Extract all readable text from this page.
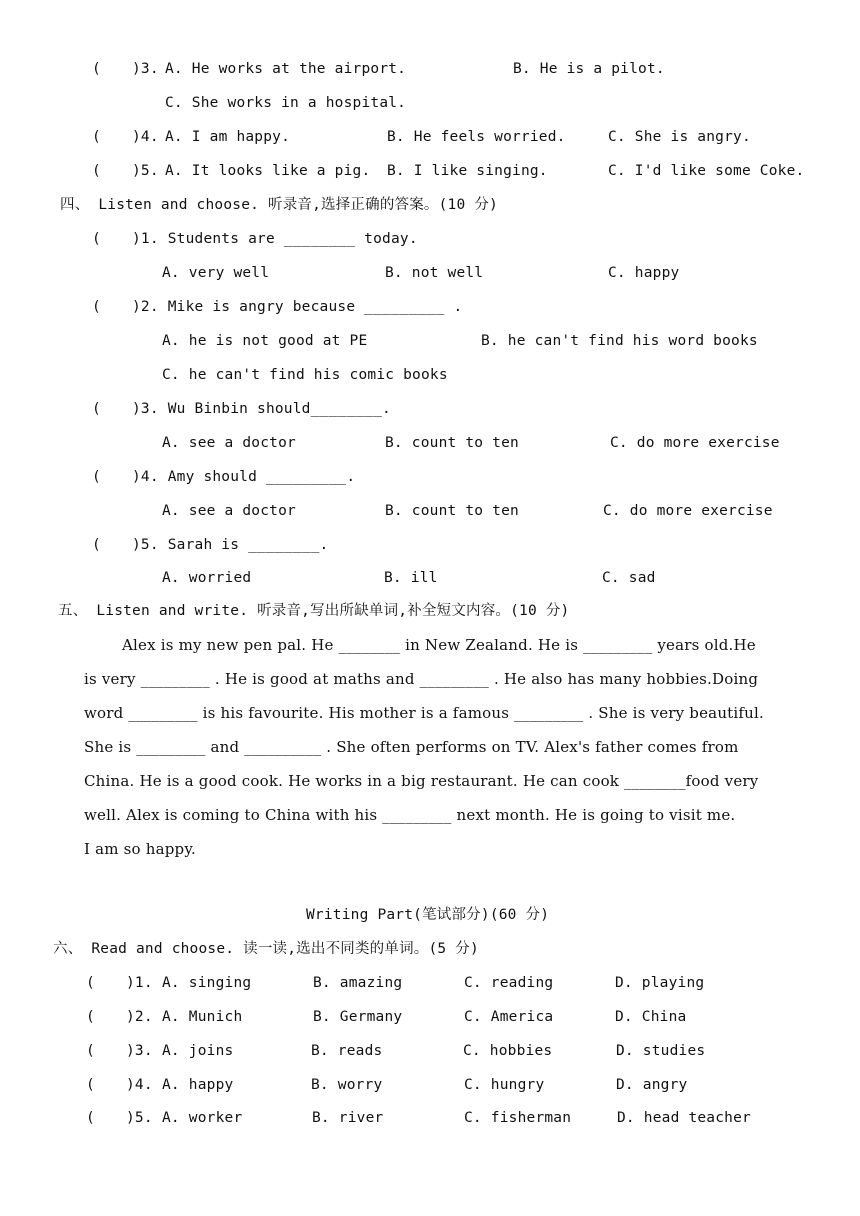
( )3. A. He works at the airport.	B. He is a pilot.
C. She works in a hospital.
( )4. A. I am happy.	B. He feels worried.	C. She is angry.
( )5. A. It looks like a pig. B. I like singing.	C. I'd like some Coke.
四、 Listen and choose. 听录音,选择正确的答案。(10 分)
( )1. Students are ________ today.
A. very well	B. not well	C. happy
( )2. Mike is angry because _________ .
A. he is not good at PE	B. he can't find his word books
C. he can't find his comic books
( )3. Wu Binbin should________.
A. see a doctor	B. count to ten	C. do more exercise
( )4. Amy should _________.
A. see a doctor	B. count to ten	C. do more exercise
( )5. Sarah is ________.
A. worried	B. ill	C. sad
五、 Listen and write. 听录音,写出所缺单词,补全短文内容。(10 分)
Alex is my new pen pal. He ________ in New Zealand. He is _________ years old.He
is very _________ . He is good at maths and _________ . He also has many hobbies.Doing
word _________ is his favourite. His mother is a famous _________ . She is very beautiful.
She is _________ and __________ . She often performs on TV. Alex's father comes from
China. He is a good cook. He works in a big restaurant. He can cook ________food very
well. Alex is coming to China with his _________ next month. He is going to visit me.
I am so happy.
Writing Part(笔试部分)(60 分)
六、 Read and choose. 读一读,选出不同类的单词。(5 分)
( )1. A. singing	B. amazing	C. reading	D. playing
( )2. A. Munich	B. Germany	C. America	D. China
( )3. A. joins	B. reads	C. hobbies	D. studies
( )4. A. happy	B. worry	C. hungry	D. angry
( )5. A. worker	B. river	C. fisherman	D. head teacher
